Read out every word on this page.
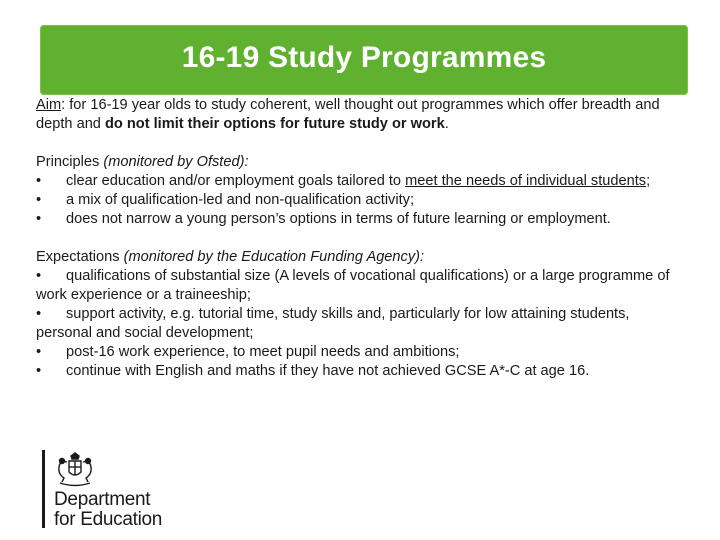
16-19 Study Programmes

Aim: for 16-19 year olds to study coherent, well thought out programmes which offer breadth and depth and do not limit their options for future study or work.

Principles (monitored by Ofsted):

• clear education and/or employment goals tailored to meet the needs of individual students;

• a mix of qualification-led and non-qualification activity;

• does not narrow a young person’s options in terms of future learning or employment.

Expectations (monitored by the Education Funding Agency):

• qualifications of substantial size (A levels of vocational qualifications) or a large programme of work experience or a traineeship;

• support activity, e.g. tutorial time, study skills and, particularly for low attaining students, personal and social development;

• post-16 work experience, to meet pupil needs and ambitions;

• continue with English and maths if they have not achieved GCSE A*-C at age 16.

Department
for Education
